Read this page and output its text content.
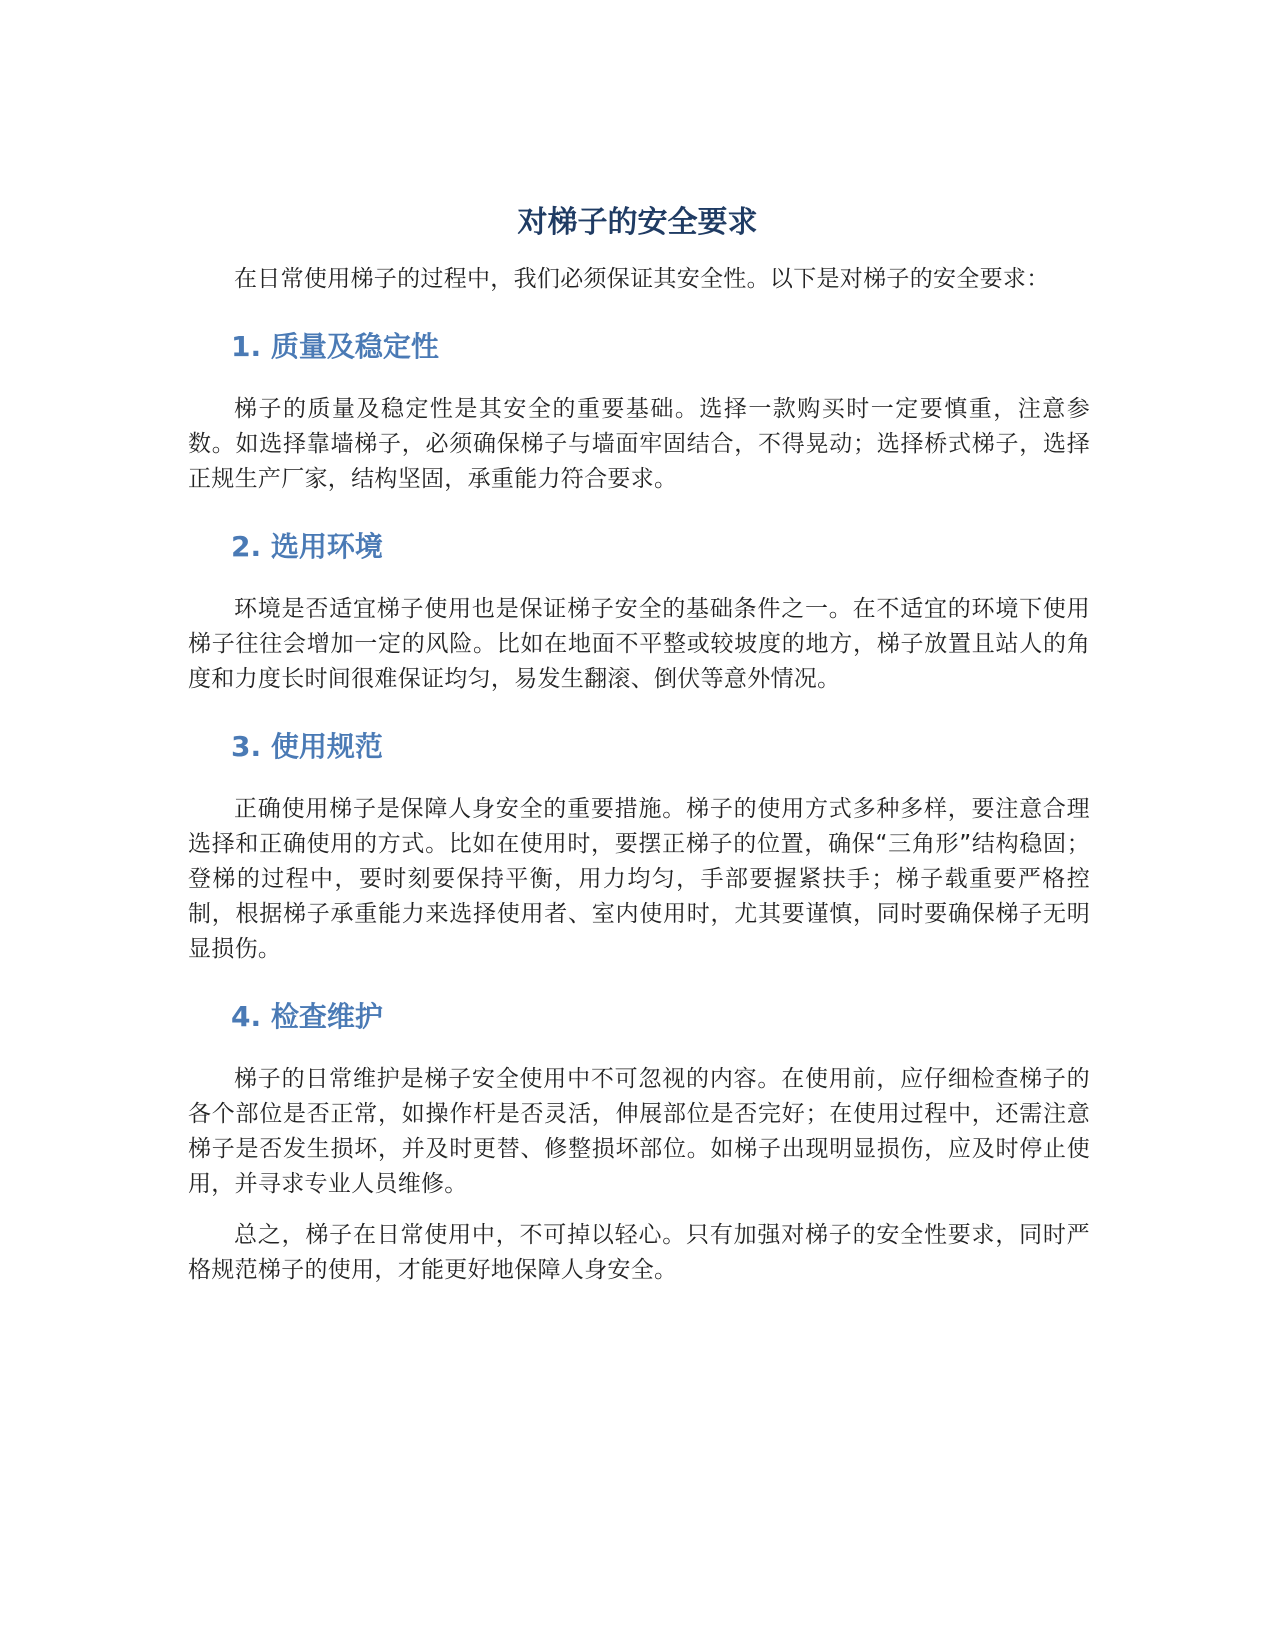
对梯子的安全要求

在日常使用梯子的过程中，我们必须保证其安全性。以下是对梯子的安全要求：

1. 质量及稳定性

梯子的质量及稳定性是其安全的重要基础。选择一款购买时一定要慎重，注意参数。如选择靠墙梯子，必须确保梯子与墙面牢固结合，不得晃动；选择桥式梯子，选择正规生产厂家，结构坚固，承重能力符合要求。

2. 选用环境

环境是否适宜梯子使用也是保证梯子安全的基础条件之一。在不适宜的环境下使用梯子往往会增加一定的风险。比如在地面不平整或较坡度的地方，梯子放置且站人的角度和力度长时间很难保证均匀，易发生翻滚、倒伏等意外情况。

3. 使用规范

正确使用梯子是保障人身安全的重要措施。梯子的使用方式多种多样，要注意合理选择和正确使用的方式。比如在使用时，要摆正梯子的位置，确保“三角形”结构稳固；登梯的过程中，要时刻要保持平衡，用力均匀，手部要握紧扶手；梯子载重要严格控制，根据梯子承重能力来选择使用者、室内使用时，尤其要谨慎，同时要确保梯子无明显损伤。

4. 检查维护

梯子的日常维护是梯子安全使用中不可忽视的内容。在使用前，应仔细检查梯子的各个部位是否正常，如操作杆是否灵活，伸展部位是否完好；在使用过程中，还需注意梯子是否发生损坏，并及时更替、修整损坏部位。如梯子出现明显损伤，应及时停止使用，并寻求专业人员维修。

总之，梯子在日常使用中，不可掉以轻心。只有加强对梯子的安全性要求，同时严格规范梯子的使用，才能更好地保障人身安全。
